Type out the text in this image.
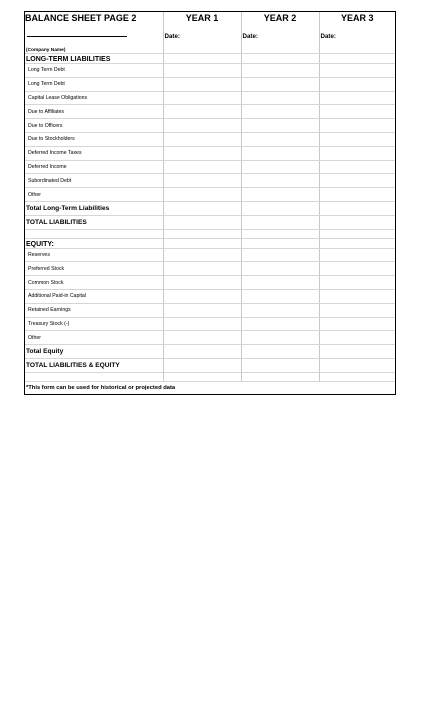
BALANCE SHEET PAGE 2	YEAR 1	YEAR 2	YEAR 3
	Date:	Date:	Date:
(Company Name)			
LONG-TERM LIABILITIES			
Long Term Debt			
Long Term Debt			
Capital Lease Obligations			
Due to Affiliates			
Due to Officers			
Due to Stockholders			
Deferred Income Taxes			
Deferred Income			
Subordinated Debt			
Other			
Total Long-Term Liabilities			
TOTAL LIABILITIES			

EQUITY:			
Reserves			
Preferred Stock			
Common Stock			
Additional Paid-in Capital			
Retained Earnings			
Treasury Stock (-)			
Other			
Total Equity			
TOTAL LIABILITIES & EQUITY			

*This form can be used for historical or projected data			
